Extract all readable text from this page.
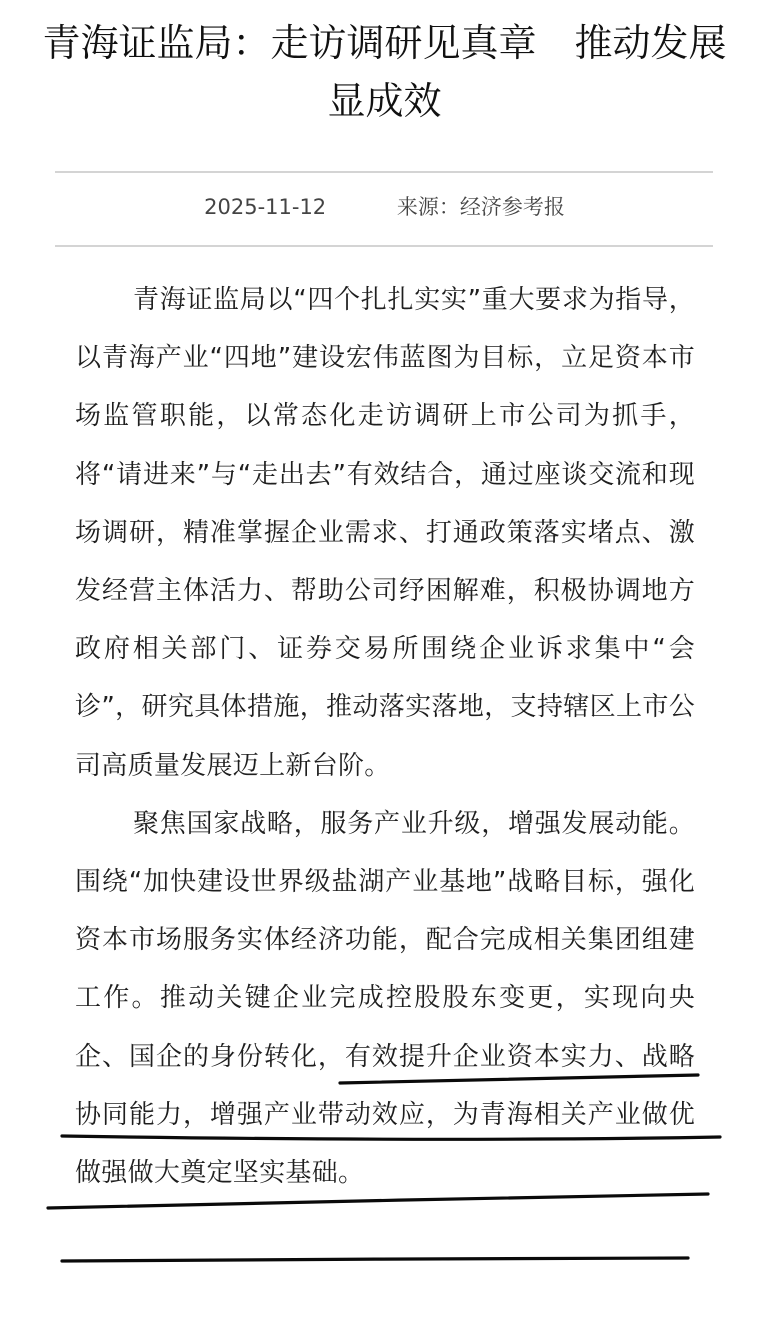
青海证监局：走访调研见真章　推动发展显成效
2025-11-12	来源：经济参考报

青海证监局以“四个扎扎实实”重大要求为指导，以青海产业“四地”建设宏伟蓝图为目标，立足资本市场监管职能，以常态化走访调研上市公司为抓手，将“请进来”与“走出去”有效结合，通过座谈交流和现场调研，精准掌握企业需求、打通政策落实堵点、激发经营主体活力、帮助公司纾困解难，积极协调地方政府相关部门、证券交易所围绕企业诉求集中“会诊”，研究具体措施，推动落实落地，支持辖区上市公司高质量发展迈上新台阶。

聚焦国家战略，服务产业升级，增强发展动能。围绕“加快建设世界级盐湖产业基地”战略目标，强化资本市场服务实体经济功能，配合完成相关集团组建工作。推动关键企业完成控股股东变更，实现向央企、国企的身份转化，有效提升企业资本实力、战略协同能力，增强产业带动效应，为青海相关产业做优做强做大奠定坚实基础。
